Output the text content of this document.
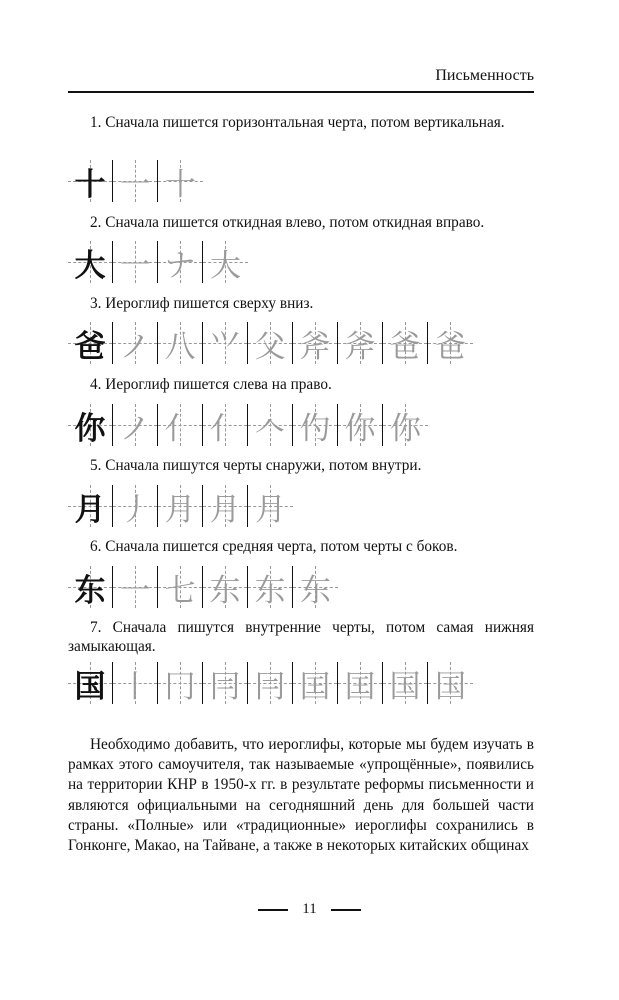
Письменность

1. Сначала пишется горизонтальная черта, потом вертикальная.

十 一 十

2. Сначала пишется откидная влево, потом откидная вправо.

大 一 ナ 大

3. Иероглиф пишется сверху вниз.

爸 ノ 八 ⺍ 父 斧 斧 爸 爸

4. Иероглиф пишется слева на право.

你 ノ 亻 亻 𠆢 仢 你 你

5. Сначала пишутся черты снаружи, потом внутри.

月 丿 月 月 月

6. Сначала пишется средняя черта, потом черты с боков.

东 一 七 东 东 东

7. Сначала пишутся внутренние черты, потом самая нижняя замыкающая.

国 丨 冂 冃 冃 囯 囯 国 国

Необходимо добавить, что иероглифы, которые мы будем изучать в рамках этого самоучителя, так называемые «упрощённые», появились на территории КНР в 1950-х гг. в результате реформы письменности и являются официальными на сегодняшний день для большей части страны. «Полные» или «традиционные» иероглифы сохранились в Гонконге, Макао, на Тайване, а также в некоторых китайских общинах

11
